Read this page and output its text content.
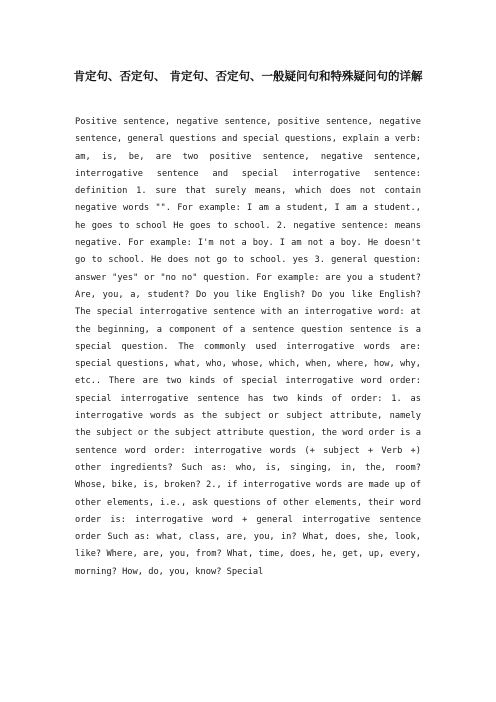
肯定句、否定句、 肯定句、否定句、一般疑问句和特殊疑问句的详解

Positive sentence, negative sentence, positive sentence, negative sentence, general questions and special questions, explain a verb: am, is, be, are two positive sentence, negative sentence, interrogative sentence and special interrogative sentence: definition 1. sure that surely means, which does not contain negative words "". For example: I am a student, I am a student., he goes to school He goes to school. 2. negative sentence: means negative. For example: I'm not a boy. I am not a boy. He doesn't go to school. He does not go to school. yes 3. general question: answer "yes" or "no no" question. For example: are you a student? Are, you, a, student? Do you like English? Do you like English? The special interrogative sentence with an interrogative word: at the beginning, a component of a sentence question sentence is a special question. The commonly used interrogative words are: special questions, what, who, whose, which, when, where, how, why, etc.. There are two kinds of special interrogative word order: special interrogative sentence has two kinds of order: 1. as interrogative words as the subject or subject attribute, namely the subject or the subject attribute question, the word order is a sentence word order: interrogative words (+ subject + Verb +) other ingredients? Such as: who, is, singing, in, the, room? Whose, bike, is, broken? 2., if interrogative words are made up of other elements, i.e., ask questions of other elements, their word order is: interrogative word + general interrogative sentence order Such as: what, class, are, you, in? What, does, she, look, like? Where, are, you, from? What, time, does, he, get, up, every, morning? How, do, you, know? Special
